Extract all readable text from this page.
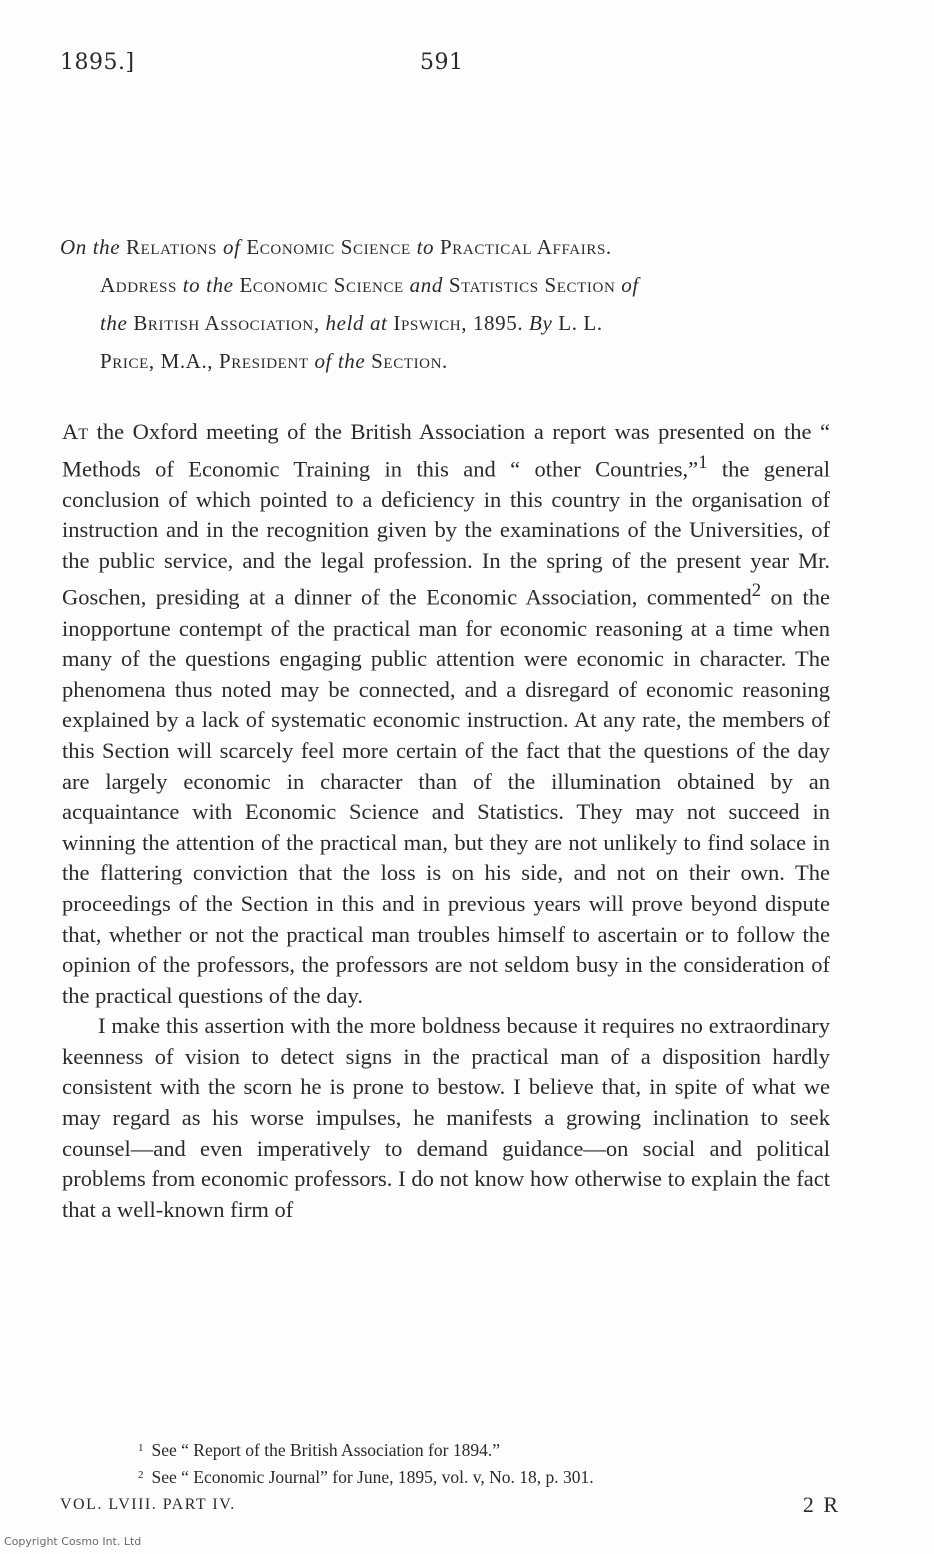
1895.]	591
On the Relations of Economic Science to Practical Affairs.
Address to the Economic Science and Statistics Section of
the British Association, held at Ipswich, 1895. By L. L.
Price, M.A., President of the Section.

At the Oxford meeting of the British Association a report was presented on the “ Methods of Economic Training in this and “ other Countries,”$^1$ the general conclusion of which pointed to a deficiency in this country in the organisation of instruction and in the recognition given by the examinations of the Universities, of the public service, and the legal profession. In the spring of the present year Mr. Goschen, presiding at a dinner of the Economic Association, commented$^2$ on the inopportune contempt of the practical man for economic reasoning at a time when many of the questions engaging public attention were economic in character. The phenomena thus noted may be connected, and a disregard of economic reasoning explained by a lack of systematic economic instruction. At any rate, the members of this Section will scarcely feel more certain of the fact that the questions of the day are largely economic in character than of the illumination obtained by an acquaintance with Economic Science and Statistics. They may not succeed in winning the attention of the practical man, but they are not unlikely to find solace in the flattering conviction that the loss is on his side, and not on their own. The proceedings of the Section in this and in previous years will prove beyond dispute that, whether or not the practical man troubles himself to ascertain or to follow the opinion of the professors, the professors are not seldom busy in the consideration of the practical questions of the day.

I make this assertion with the more boldness because it requires no extraordinary keenness of vision to detect signs in the practical man of a disposition hardly consistent with the scorn he is prone to bestow. I believe that, in spite of what we may regard as his worse impulses, he manifests a growing inclination to seek counsel—and even imperatively to demand guidance—on social and political problems from economic professors. I do not know how otherwise to explain the fact that a well-known firm of

$^1$ See “ Report of the British Association for 1894.”
$^2$ See “ Economic Journal” for June, 1895, vol. v, No. 18, p. 301.
VOL. LVIII. PART IV.	2 R
Copyright Cosmo Int. Ltd
